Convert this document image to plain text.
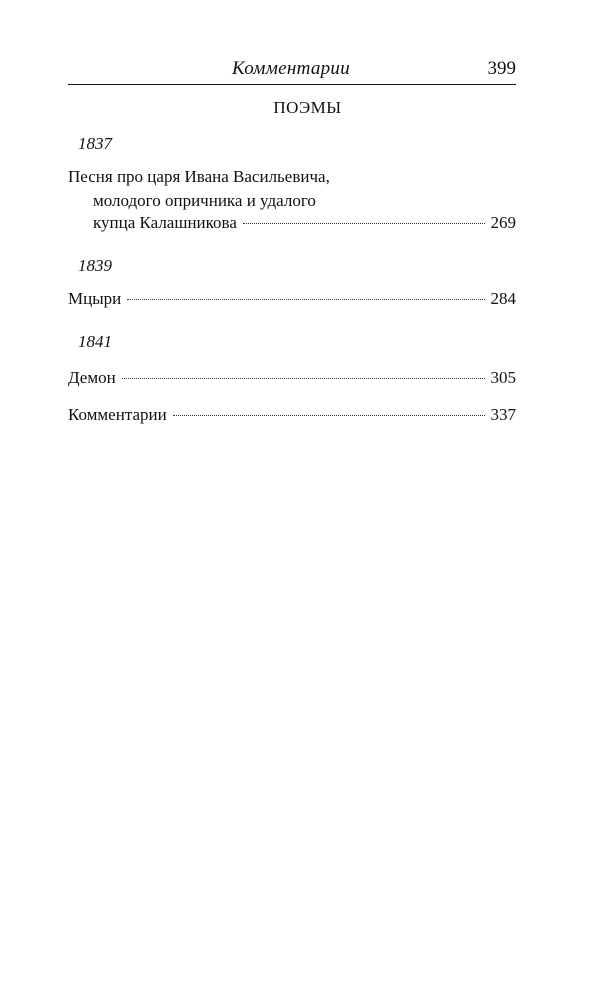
Комментарии	399
ПОЭМЫ
1837
Песня про царя Ивана Васильевича,
молодого опричника и удалого
купца Калашникова	269
1839
Мцыри	284
1841
Демон	305
Комментарии	337
